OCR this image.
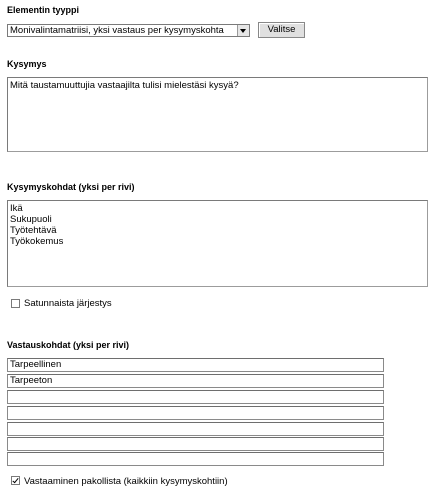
Elementin tyyppi
Monivalintamatriisi, yksi vastaus per kysymyskohta	Valitse
Kysymys
Mitä taustamuuttujia vastaajilta tulisi mielestäsi kysyä?
Kysymyskohdat (yksi per rivi)
Ikä
Sukupuoli
Työtehtävä
Työkokemus
Satunnaista järjestys
Vastauskohdat (yksi per rivi)
Tarpeellinen
Tarpeeton
Vastaaminen pakollista (kaikkiin kysymyskohtiin)
